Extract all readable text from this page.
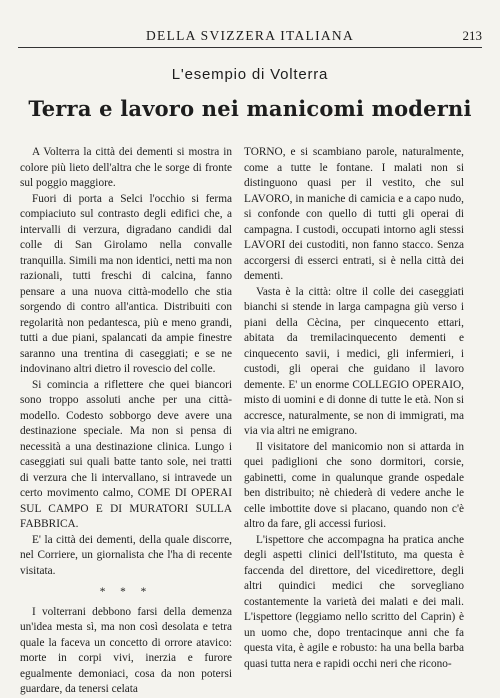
DELLA SVIZZERA ITALIANA	213
L'esempio di Volterra
Terra e lavoro nei manicomi moderni

A Volterra la città dei dementi si mostra in colore più lieto dell'altra che le sorge di fronte sul poggio maggiore.

Fuori di porta a Selci l'occhio si ferma compiaciuto sul contrasto degli edifici che, a intervalli di verzura, digradano candidi dal colle di San Girolamo nella convalle tranquilla. Simili ma non identici, netti ma non razionali, tutti freschi di calcina, fanno pensare a una nuova città-modello che stia sorgendo di contro all'antica. Distribuiti con regolarità non pedantesca, più e meno grandi, tutti a due piani, spalancati da ampie finestre saranno una trentina di caseggiati; e se ne indovinano altri dietro il rovescio del colle.

Si comincia a riflettere che quei biancori sono troppo assoluti anche per una città-modello. Codesto sobborgo deve avere una destinazione speciale. Ma non si pensa di necessità a una destinazione clinica. Lungo i caseggiati sui quali batte tanto sole, nei tratti di verzura che li intervallano, si intravede un certo movimento calmo, COME DI OPERAI SUL CAMPO E DI MURATORI SULLA FABBRICA.

E' la città dei dementi, della quale discorre, nel Corriere, un giornalista che l'ha di recente visitata.

* * *

I volterrani debbono farsi della demenza un'idea mesta sì, ma non così desolata e tetra quale la faceva un concetto di orrore atavico: morte in corpi vivi, inerzia e furore egualmente demoniaci, cosa da non potersi guardare, da tenersi celata

TORNO, e si scambiano parole, naturalmente, come a tutte le fontane. I malati non si distinguono quasi per il vestito, che sul LAVORO, in maniche di camicia e a capo nudo, si confonde con quello di tutti gli operai di campagna. I custodi, occupati intorno agli stessi LAVORI dei custoditi, non fanno stacco. Senza accorgersi di esserci entrati, si è nella città dei dementi.

Vasta è la città: oltre il colle dei caseggiati bianchi si stende in larga campagna giù verso i piani della Cècina, per cinquecento ettari, abitata da tremilacinquecento dementi e cinquecento savii, i medici, gli infermieri, i custodi, gli operai che guidano il lavoro demente. E' un enorme COLLEGIO OPERAIO, misto di uomini e di donne di tutte le età. Non si accresce, naturalmente, se non di immigrati, ma via via altri ne emigrano.

Il visitatore del manicomio non si attarda in quei padiglioni che sono dormitori, corsie, gabinetti, come in qualunque grande ospedale ben distribuito; nè chiederà di vedere anche le celle imbottite dove si placano, quando non c'è altro da fare, gli accessi furiosi.

L'ispettore che accompagna ha pratica anche degli aspetti clinici dell'Istituto, ma questa è faccenda del direttore, del vicedirettore, degli altri quindici medici che sorvegliano costantemente la varietà dei malati e dei mali. L'ispettore (leggiamo nello scritto del Caprin) è un uomo che, dopo trentacinque anni che fa questa vita, è agile e robusto: ha una bella barba quasi tutta nera e rapidi occhi neri che ricono-
